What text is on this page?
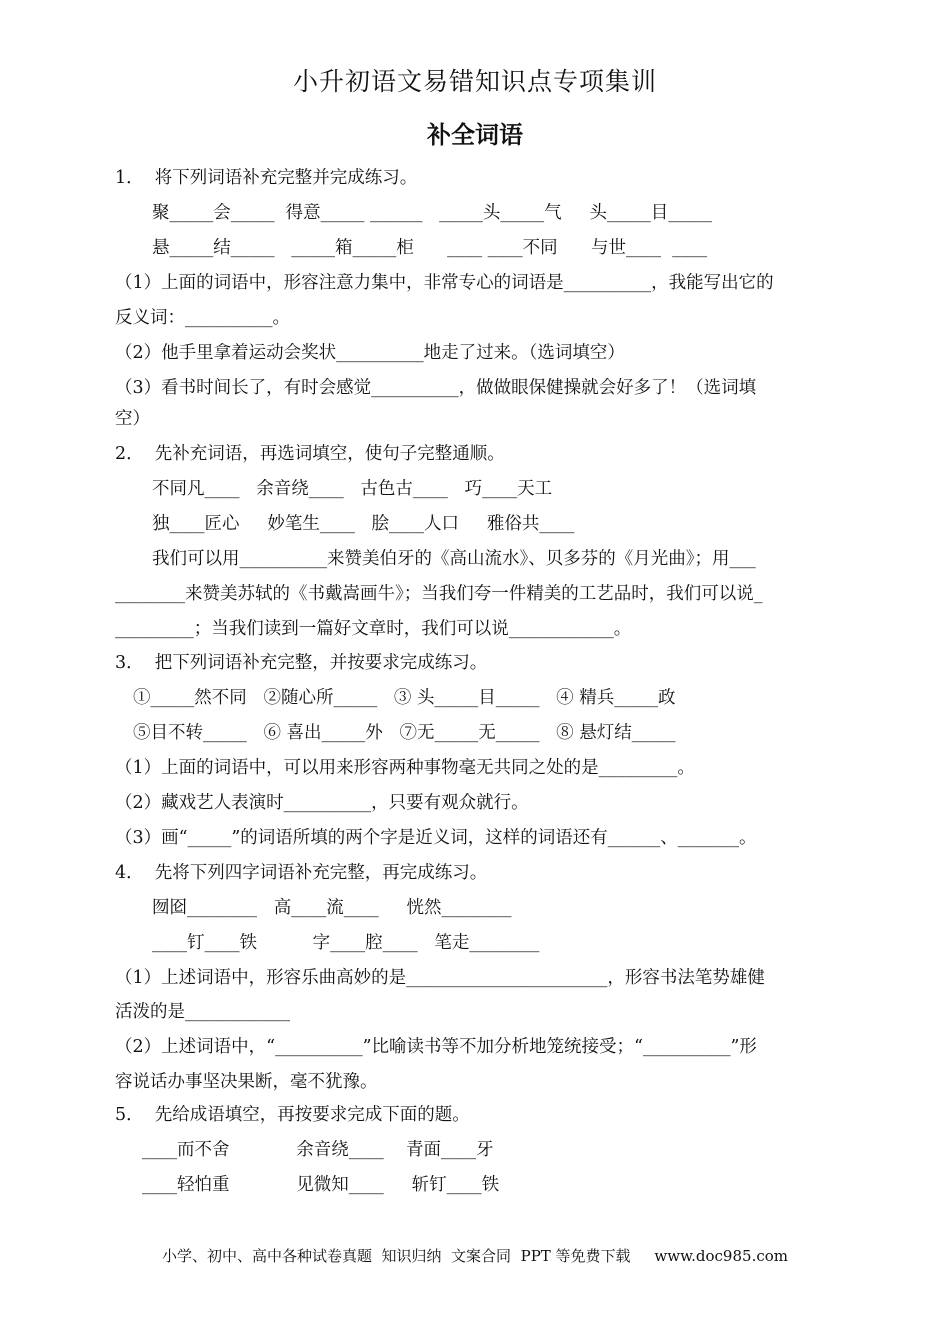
小升初语文易错知识点专项集训
补全词语
1．  将下列词语补充完整并完成练习。
聚_____会_____  得意_____ ______   _____头_____气     头_____目_____
悬_____结_____   _____箱_____柜      ____ ____不同      与世____  ____
（1）上面的词语中，形容注意力集中，非常专心的词语是__________，我能写出它的
反义词：__________。
（2）他手里拿着运动会奖状__________地走了过来。（选词填空）
（3）看书时间长了，有时会感觉__________，做做眼保健操就会好多了！（选词填
空）
2．  先补充词语，再选词填空，使句子完整通顺。
不同凡____   余音绕____   古色古____   巧____天工
独____匠心     妙笔生____   脍____人口     雅俗共____
我们可以用__________来赞美伯牙的《高山流水》、贝多芬的《月光曲》；用___
________来赞美苏轼的《书戴嵩画牛》；当我们夸一件精美的工艺品时，我们可以说_
_________；当我们读到一篇好文章时，我们可以说____________。
3．  把下列词语补充完整，并按要求完成练习。
①_____然不同   ②随心所_____   ③ 头_____目_____   ④ 精兵_____政
⑤目不转_____   ⑥ 喜出_____外   ⑦无_____无_____   ⑧ 悬灯结_____
（1）上面的词语中，可以用来形容两种事物毫无共同之处的是_________。
（2）藏戏艺人表演时__________，只要有观众就行。
（3）画“_____”的词语所填的两个字是近义词，这样的词语还有______、_______。
4．  先将下列四字词语补充完整，再完成练习。
囫囵________   高____流____     恍然________
____钉____铁          字____腔____   笔走________
（1）上述词语中，形容乐曲高妙的是_______________________，形容书法笔势雄健
活泼的是____________
（2）上述词语中，“__________”比喻读书等不加分析地笼统接受；“__________”形
容说话办事坚决果断，毫不犹豫。
5．  先给成语填空，再按要求完成下面的题。
____而不舍            余音绕____    青面____牙
____轻怕重            见微知____     斩钉____铁
小学、初中、高中各种试卷真题  知识归纳  文案合同  PPT 等免费下载     www.doc985.com
